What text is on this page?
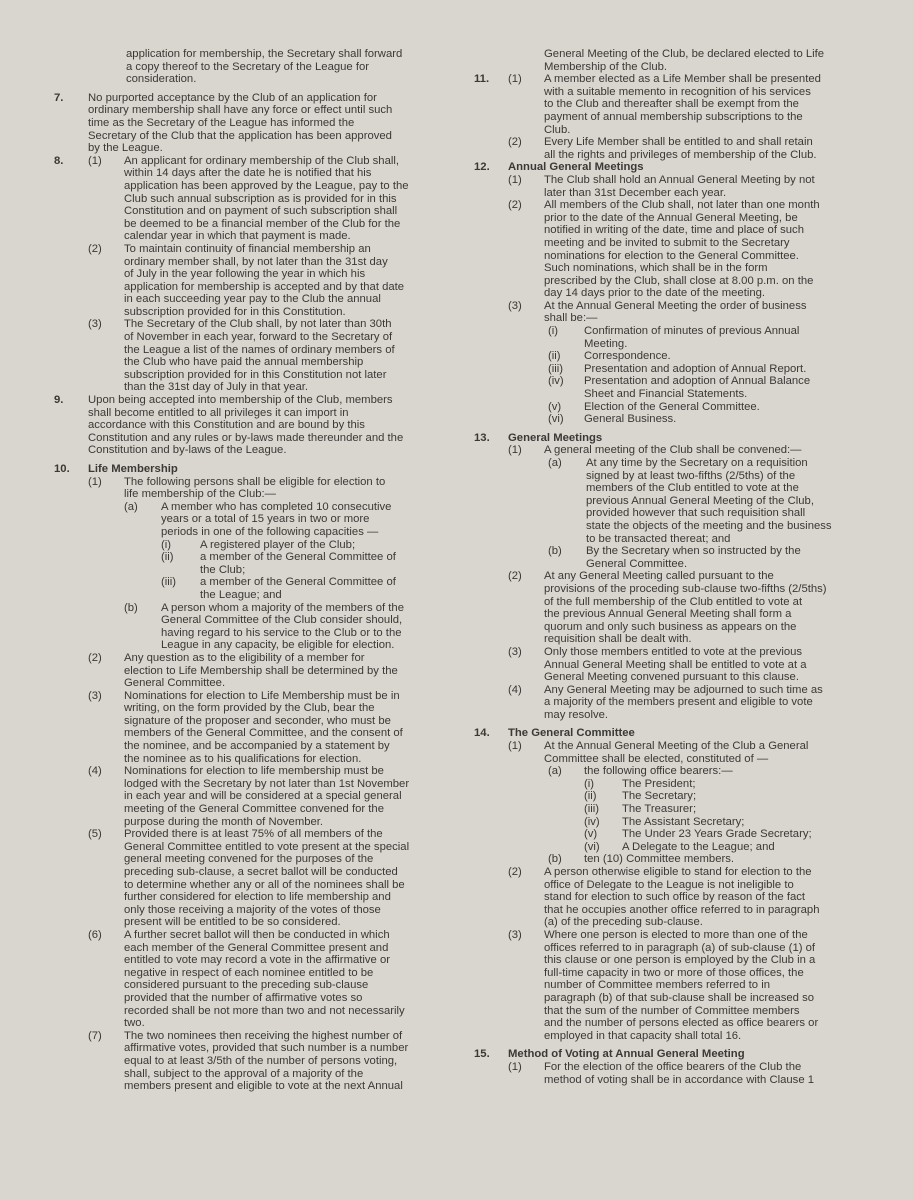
application for membership, the Secretary shall forward
a copy thereof to the Secretary of the League for
consideration.
7. No purported acceptance by the Club of an application for
ordinary membership shall have any force or effect until such
time as the Secretary of the League has informed the
Secretary of the Club that the application has been approved
by the League.
8. (1) An applicant for ordinary membership of the Club shall,
within 14 days after the date he is notified that his
application has been approved by the League, pay to the
Club such annual subscription as is provided for in this
Constitution and on payment of such subscription shall
be deemed to be a financial member of the Club for the
calendar year in which that payment is made.
(2) To maintain continuity of financial membership an
ordinary member shall, by not later than the 31st day
of July in the year following the year in which his
application for membership is accepted and by that date
in each succeeding year pay to the Club the annual
subscription provided for in this Constitution.
(3) The Secretary of the Club shall, by not later than 30th
of November in each year, forward to the Secretary of
the League a list of the names of ordinary members of
the Club who have paid the annual membership
subscription provided for in this Constitution not later
than the 31st day of July in that year.
9. Upon being accepted into membership of the Club, members
shall become entitled to all privileges it can import in
accordance with this Constitution and are bound by this
Constitution and any rules or by-laws made thereunder and the
Constitution and by-laws of the League.
10. Life Membership
(1) The following persons shall be eligible for election to
life membership of the Club:—
(a) A member who has completed 10 consecutive
years or a total of 15 years in two or more
periods in one of the following capacities —
(i)	A registered player of the Club;
(ii) a member of the General Committee of
the Club;
(iii) a member of the General Committee of
the League; and
(b) A person whom a majority of the members of the
General Committee of the Club consider should,
having regard to his service to the Club or to the
League in any capacity, be eligible for election.
(2) Any question as to the eligibility of a member for
election to Life Membership shall be determined by the
General Committee.
(3) Nominations for election to Life Membership must be in
writing, on the form provided by the Club, bear the
signature of the proposer and seconder, who must be
members of the General Committee, and the consent of
the nominee, and be accompanied by a statement by
the nominee as to his qualifications for election.
(4) Nominations for election to life membership must be
lodged with the Secretary by not later than 1st November
in each year and will be considered at a special general
meeting of the General Committee convened for the
purpose during the month of November.
(5) Provided there is at least 75% of all members of the
General Committee entitled to vote present at the special
general meeting convened for the purposes of the
preceding sub-clause, a secret ballot will be conducted
to determine whether any or all of the nominees shall be
further considered for election to life membership and
only those receiving a majority of the votes of those
present will be entitled to be so considered.
(6) A further secret ballot will then be conducted in which
each member of the General Committee present and
entitled to vote may record a vote in the affirmative or
negative in respect of each nominee entitled to be
considered pursuant to the preceding sub-clause
provided that the number of affirmative votes so
recorded shall be not more than two and not necessarily
two.
(7) The two nominees then receiving the highest number of
affirmative votes, provided that such number is a number
equal to at least 3/5th of the number of persons voting,
shall, subject to the approval of a majority of the
members present and eligible to vote at the next Annual
General Meeting of the Club, be declared elected to Life
Membership of the Club.
11. (1) A member elected as a Life Member shall be presented
with a suitable memento in recognition of his services
to the Club and thereafter shall be exempt from the
payment of annual membership subscriptions to the
Club.
(2) Every Life Member shall be entitled to and shall retain
all the rights and privileges of membership of the Club.
12. Annual General Meetings
(1) The Club shall hold an Annual General Meeting by not
later than 31st December each year.
(2) All members of the Club shall, not later than one month
prior to the date of the Annual General Meeting, be
notified in writing of the date, time and place of such
meeting and be invited to submit to the Secretary
nominations for election to the General Committee.
Such nominations, which shall be in the form
prescribed by the Club, shall close at 8.00 p.m. on the
day 14 days prior to the date of the meeting.
(3) At the Annual General Meeting the order of business
shall be:—
(i) Confirmation of minutes of previous Annual
Meeting.
(ii) Correspondence.
(iii) Presentation and adoption of Annual Report.
(iv) Presentation and adoption of Annual Balance
Sheet and Financial Statements.
(v) Election of the General Committee.
(vi) General Business.
13. General Meetings
(1) A general meeting of the Club shall be convened:—
(a) At any time by the Secretary on a requisition
signed by at least two-fifths (2/5ths) of the
members of the Club entitled to vote at the
previous Annual General Meeting of the Club,
provided however that such requisition shall
state the objects of the meeting and the business
to be transacted thereat; and
(b) By the Secretary when so instructed by the
General Committee.
(2) At any General Meeting called pursuant to the
provisions of the proceding sub-clause two-fifths (2/5ths)
of the full membership of the Club entitled to vote at
the previous Annual General Meeting shall form a
quorum and only such business as appears on the
requisition shall be dealt with.
(3) Only those members entitled to vote at the previous
Annual General Meeting shall be entitled to vote at a
General Meeting convened pursuant to this clause.
(4) Any General Meeting may be adjourned to such time as
a majority of the members present and eligible to vote
may resolve.
14. The General Committee
(1) At the Annual General Meeting of the Club a General
Committee shall be elected, constituted of —
(a) the following office bearers:—
(i) The President;
(ii) The Secretary;
(iii) The Treasurer;
(iv) The Assistant Secretary;
(v) The Under 23 Years Grade Secretary;
(vi) A Delegate to the League; and
(b) ten (10) Committee members.
(2) A person otherwise eligible to stand for election to the
office of Delegate to the League is not ineligible to
stand for election to such office by reason of the fact
that he occupies another office referred to in paragraph
(a) of the preceding sub-clause.
(3) Where one person is elected to more than one of the
offices referred to in paragraph (a) of sub-clause (1) of
this clause or one person is employed by the Club in a
full-time capacity in two or more of those offices, the
number of Committee members referred to in
paragraph (b) of that sub-clause shall be increased so
that the sum of the number of Committee members
and the number of persons elected as office bearers or
employed in that capacity shall total 16.
15. Method of Voting at Annual General Meeting
(1) For the election of the office bearers of the Club the
method of voting shall be in accordance with Clause 1
